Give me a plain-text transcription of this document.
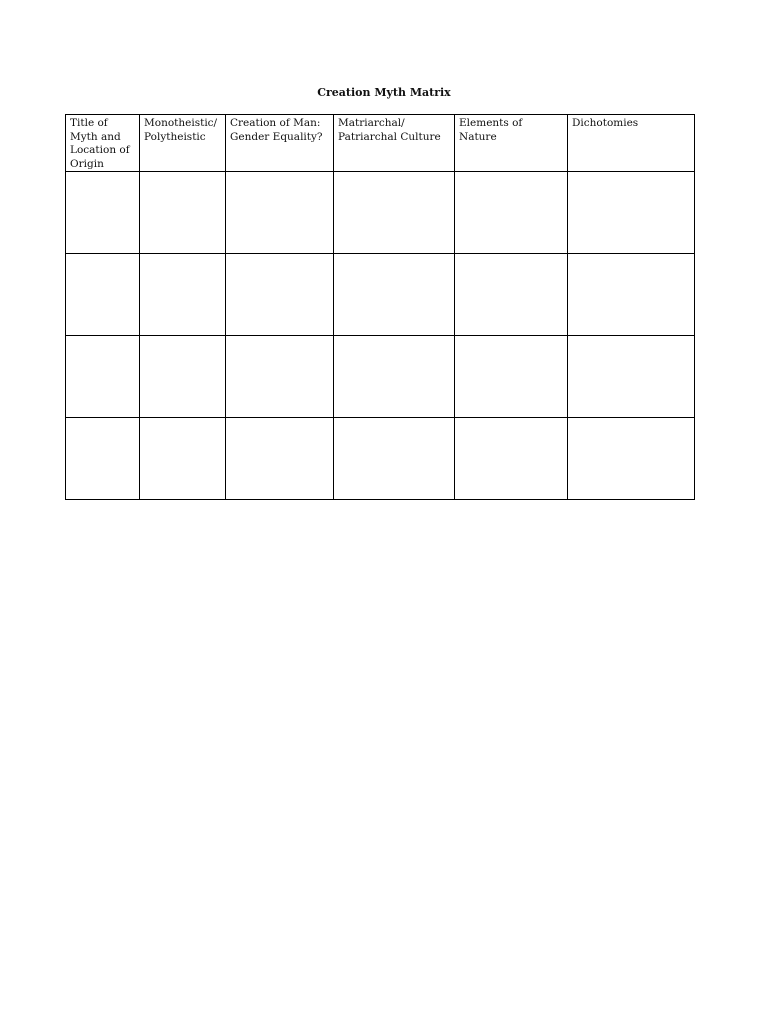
Creation Myth Matrix
Title of Myth and Location of Origin	Monotheistic/ Polytheistic	Creation of Man: Gender Equality?	Matriarchal/ Patriarchal Culture	Elements of Nature	Dichotomies
